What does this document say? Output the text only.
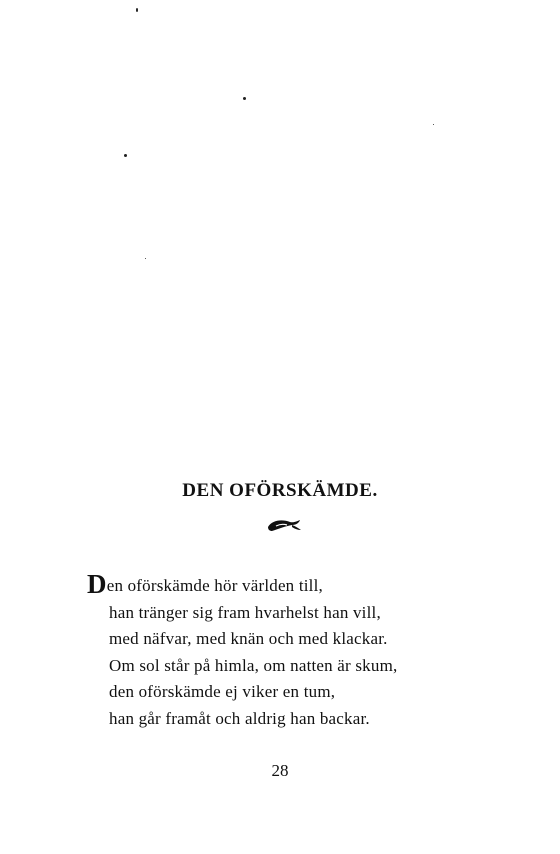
DEN OFÖRSKÄMDE.
Den oförskämde hör världen till,
han tränger sig fram hvarhelst han vill,
med näfvar, med knän och med klackar.
Om sol står på himla, om natten är skum,
den oförskämde ej viker en tum,
han går framåt och aldrig han backar.
28
